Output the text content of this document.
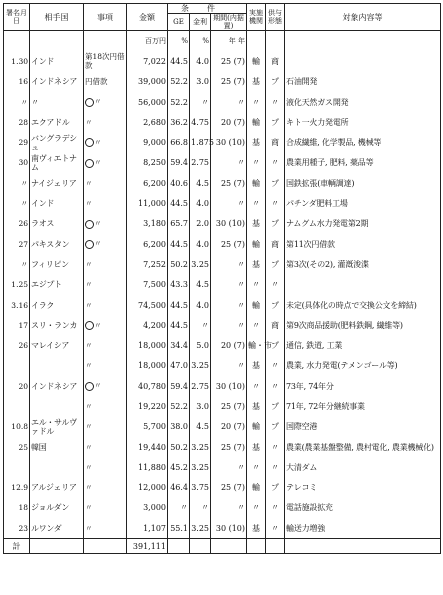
署名月日	相手国	事項	金額	条件			実施機関	供与形態	対象内容等
				GE	金利	期間(内据置)			
			百万円	%	%	年 年			
1.30	インド	第18次円借款	7,022	44.5	4.0	25 (7)	輸	商	
16	インドネシア	円借款	39,000	52.2	3.0	25 (7)	基	プ	石油開発
〃	〃	〃	56,000	52.2	〃	〃	〃	〃	液化天然ガス開発
28	エクアドル	〃	2,680	36.2	4.75	20 (7)	輸	プ	キト一火力発電所
29	バングラデシュ	〃	9,000	66.8	1.875	30 (10)	基	商	合成繊維, 化学製品, 機械等
30	南ヴィエトナム	〃	8,250	59.4	2.75	〃	〃	〃	農業用種子, 肥料, 薬品等
〃	ナイジェリア	〃	6,200	40.6	4.5	25 (7)	輸	プ	国鉄拡張(車輌調達)
〃	インド	〃	11,000	44.5	4.0	〃	〃	〃	パチンダ肥料工場
26	ラオス	〃	3,180	65.7	2.0	30 (10)	基	プ	ナムグム水力発電第2期
27	パキスタン	〃	6,200	44.5	4.0	25 (7)	輸	商	第11次円借款
〃	フィリピン	〃	7,252	50.2	3.25	〃	基	プ	第3次(その2), 灌漑浚渫
1.25	エジプト	〃	7,500	43.3	4.5	〃	〃	〃	
3.16	イラク	〃	74,500	44.5	4.0	〃	輸	プ	未定(具体化の時点で交換公文を締結)
17	スリ・ランカ	〃	4,200	44.5	〃	〃	〃	商	第9次商品援助(肥料鉄鋼, 繊維等)
26	マレイシア	〃	18,000	34.4	5.0	20 (7)	輸・市	プ	通信, 鉄道, 工業
		〃	18,000	47.0	3.25	〃	基	〃	農業, 水力発電(テメンゴール等)
20	インドネシア	〃	40,780	59.4	2.75	30 (10)	〃	〃	73年, 74年分
		〃	19,220	52.2	3.0	25 (7)	基	プ	71年, 72年分継続事業
10.8	エル・サルヴァドル	〃	5,700	38.0	4.5	20 (7)	輸	プ	国際空港
25	韓国	〃	19,440	50.2	3.25	25 (7)	基	〃	農業(農業基盤整備, 農村電化, 農業機械化)
		〃	11,880	45.2	3.25	〃	〃	〃	大清ダム
12.9	アルジェリア	〃	12,000	46.4	3.75	25 (7)	輸	プ	テレコミ
18	ジョルダン	〃	3,000	〃	〃	〃	〃	〃	電話施設拡充
23	ルワンダ	〃	1,107	55.1	3.25	30 (10)	基	〃	輸送力増強
計			391,111						
